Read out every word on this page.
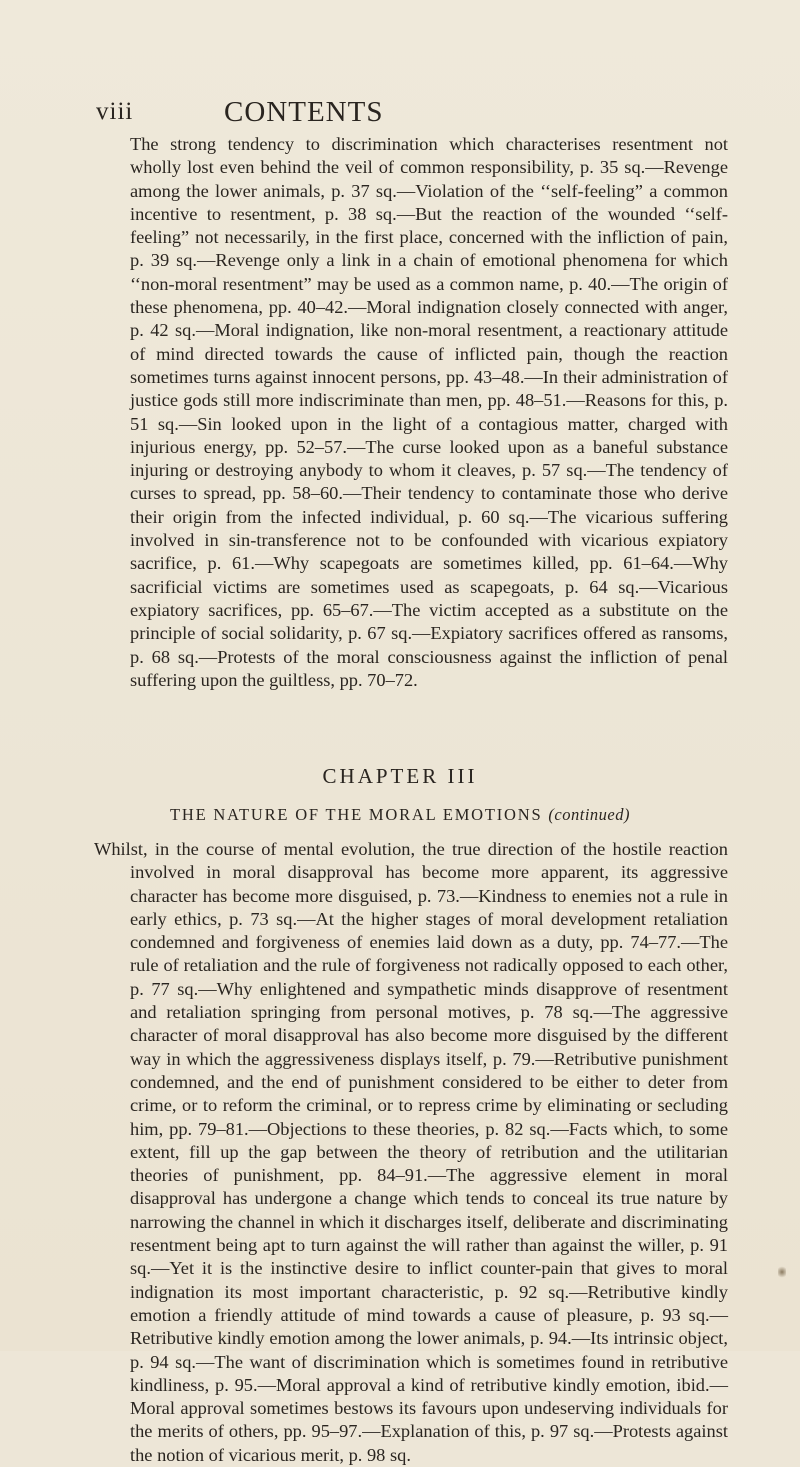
viii	CONTENTS

The strong tendency to discrimination which characterises resentment not wholly lost even behind the veil of common responsibility, p. 35 sq.—Revenge among the lower animals, p. 37 sq.—Violation of the ‘‘self-feeling” a common incentive to resentment, p. 38 sq.—But the reaction of the wounded ‘‘self-feeling” not necessarily, in the first place, concerned with the infliction of pain, p. 39 sq.—Revenge only a link in a chain of emotional phenomena for which ‘‘non-moral resentment” may be used as a common name, p. 40.—The origin of these phenomena, pp. 40–42.—Moral indignation closely connected with anger, p. 42 sq.—Moral indignation, like non-moral resentment, a reactionary attitude of mind directed towards the cause of inflicted pain, though the reaction sometimes turns against innocent persons, pp. 43–48.—In their administration of justice gods still more indiscriminate than men, pp. 48–51.—Reasons for this, p. 51 sq.—Sin looked upon in the light of a contagious matter, charged with injurious energy, pp. 52–57.—The curse looked upon as a baneful substance injuring or destroying anybody to whom it cleaves, p. 57 sq.—The tendency of curses to spread, pp. 58–60.—Their tendency to contaminate those who derive their origin from the infected individual, p. 60 sq.—The vicarious suffering involved in sin-transference not to be confounded with vicarious expiatory sacrifice, p. 61.—Why scapegoats are sometimes killed, pp. 61–64.—Why sacrificial victims are sometimes used as scapegoats, p. 64 sq.—Vicarious expiatory sacrifices, pp. 65–67.—The victim accepted as a substitute on the principle of social solidarity, p. 67 sq.—Expiatory sacrifices offered as ransoms, p. 68 sq.—Protests of the moral consciousness against the infliction of penal suffering upon the guiltless, pp. 70–72.

CHAPTER III
THE NATURE OF THE MORAL EMOTIONS (continued)

Whilst, in the course of mental evolution, the true direction of the hostile reaction involved in moral disapproval has become more apparent, its aggressive character has become more disguised, p. 73.—Kindness to enemies not a rule in early ethics, p. 73 sq.—At the higher stages of moral development retaliation condemned and forgiveness of enemies laid down as a duty, pp. 74–77.—The rule of retaliation and the rule of forgiveness not radically opposed to each other, p. 77 sq.—Why enlightened and sympathetic minds disapprove of resentment and retaliation springing from personal motives, p. 78 sq.—The aggressive character of moral disapproval has also become more disguised by the different way in which the aggressiveness displays itself, p. 79.—Retributive punishment condemned, and the end of punishment considered to be either to deter from crime, or to reform the criminal, or to repress crime by eliminating or secluding him, pp. 79–81.—Objections to these theories, p. 82 sq.—Facts which, to some extent, fill up the gap between the theory of retribution and the utilitarian theories of punishment, pp. 84–91.—The aggressive element in moral disapproval has undergone a change which tends to conceal its true nature by narrowing the channel in which it discharges itself, deliberate and discriminating resentment being apt to turn against the will rather than against the willer, p. 91 sq.—Yet it is the instinctive desire to inflict counter-pain that gives to moral indignation its most important characteristic, p. 92 sq.—Retributive kindly emotion a friendly attitude of mind towards a cause of pleasure, p. 93 sq.—Retributive kindly emotion among the lower animals, p. 94.—Its intrinsic object, p. 94 sq.—The want of discrimination which is sometimes found in retributive kindliness, p. 95.—Moral approval a kind of retributive kindly emotion, ibid.—Moral approval sometimes bestows its favours upon undeserving individuals for the merits of others, pp. 95–97.—Explanation of this, p. 97 sq.—Protests against the notion of vicarious merit, p. 98 sq.
